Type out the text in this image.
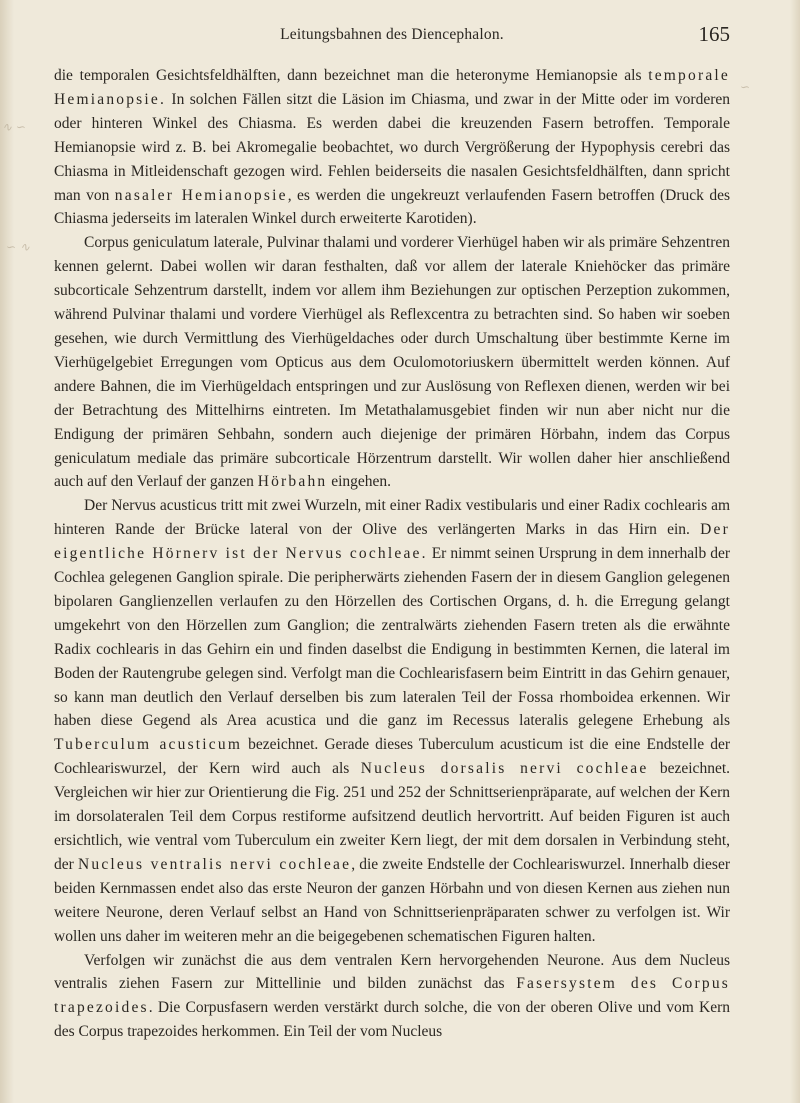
∿ ∽
∽ ∿
∽
Leitungsbahnen des Diencephalon.	165

die temporalen Gesichtsfeldhälften, dann bezeichnet man die heteronyme Hemianopsie als temporale Hemianopsie. In solchen Fällen sitzt die Läsion im Chiasma, und zwar in der Mitte oder im vorderen oder hinteren Winkel des Chiasma. Es werden dabei die kreuzenden Fasern betroffen. Temporale Hemianopsie wird z. B. bei Akromegalie beobachtet, wo durch Vergrößerung der Hypophysis cerebri das Chiasma in Mitleidenschaft gezogen wird. Fehlen beiderseits die nasalen Gesichtsfeldhälften, dann spricht man von nasaler Hemianopsie, es werden die ungekreuzt verlaufenden Fasern betroffen (Druck des Chiasma jederseits im lateralen Winkel durch erweiterte Karotiden).

Corpus geniculatum laterale, Pulvinar thalami und vorderer Vierhügel haben wir als primäre Sehzentren kennen gelernt. Dabei wollen wir daran festhalten, daß vor allem der laterale Kniehöcker das primäre subcorticale Sehzentrum darstellt, indem vor allem ihm Beziehungen zur optischen Perzeption zukommen, während Pulvinar thalami und vordere Vierhügel als Reflexcentra zu betrachten sind. So haben wir soeben gesehen, wie durch Vermittlung des Vierhügeldaches oder durch Umschaltung über bestimmte Kerne im Vierhügelgebiet Erregungen vom Opticus aus dem Oculomotoriuskern übermittelt werden können. Auf andere Bahnen, die im Vierhügeldach entspringen und zur Auslösung von Reflexen dienen, werden wir bei der Betrachtung des Mittelhirns eintreten. Im Metathalamusgebiet finden wir nun aber nicht nur die Endigung der primären Sehbahn, sondern auch diejenige der primären Hörbahn, indem das Corpus geniculatum mediale das primäre subcorticale Hörzentrum darstellt. Wir wollen daher hier anschließend auch auf den Verlauf der ganzen Hörbahn eingehen.

Der Nervus acusticus tritt mit zwei Wurzeln, mit einer Radix vestibularis und einer Radix cochlearis am hinteren Rande der Brücke lateral von der Olive des verlängerten Marks in das Hirn ein. Der eigentliche Hörnerv ist der Nervus cochleae. Er nimmt seinen Ursprung in dem innerhalb der Cochlea gelegenen Ganglion spirale. Die peripherwärts ziehenden Fasern der in diesem Ganglion gelegenen bipolaren Ganglienzellen verlaufen zu den Hörzellen des Cortischen Organs, d. h. die Erregung gelangt umgekehrt von den Hörzellen zum Ganglion; die zentralwärts ziehenden Fasern treten als die erwähnte Radix cochlearis in das Gehirn ein und finden daselbst die Endigung in bestimmten Kernen, die lateral im Boden der Rautengrube gelegen sind. Verfolgt man die Cochlearisfasern beim Eintritt in das Gehirn genauer, so kann man deutlich den Verlauf derselben bis zum lateralen Teil der Fossa rhomboidea erkennen. Wir haben diese Gegend als Area acustica und die ganz im Recessus lateralis gelegene Erhebung als Tuberculum acusticum bezeichnet. Gerade dieses Tuberculum acusticum ist die eine Endstelle der Cochleariswurzel, der Kern wird auch als Nucleus dorsalis nervi cochleae bezeichnet. Vergleichen wir hier zur Orientierung die Fig. 251 und 252 der Schnittserienpräparate, auf welchen der Kern im dorsolateralen Teil dem Corpus restiforme aufsitzend deutlich hervortritt. Auf beiden Figuren ist auch ersichtlich, wie ventral vom Tuberculum ein zweiter Kern liegt, der mit dem dorsalen in Verbindung steht, der Nucleus ventralis nervi cochleae, die zweite Endstelle der Cochleariswurzel. Innerhalb dieser beiden Kernmassen endet also das erste Neuron der ganzen Hörbahn und von diesen Kernen aus ziehen nun weitere Neurone, deren Verlauf selbst an Hand von Schnittserienpräparaten schwer zu verfolgen ist. Wir wollen uns daher im weiteren mehr an die beigegebenen schematischen Figuren halten.

Verfolgen wir zunächst die aus dem ventralen Kern hervorgehenden Neurone. Aus dem Nucleus ventralis ziehen Fasern zur Mittellinie und bilden zunächst das Fasersystem des Corpus trapezoides. Die Corpusfasern werden verstärkt durch solche, die von der oberen Olive und vom Kern des Corpus trapezoides herkommen. Ein Teil der vom Nucleus
